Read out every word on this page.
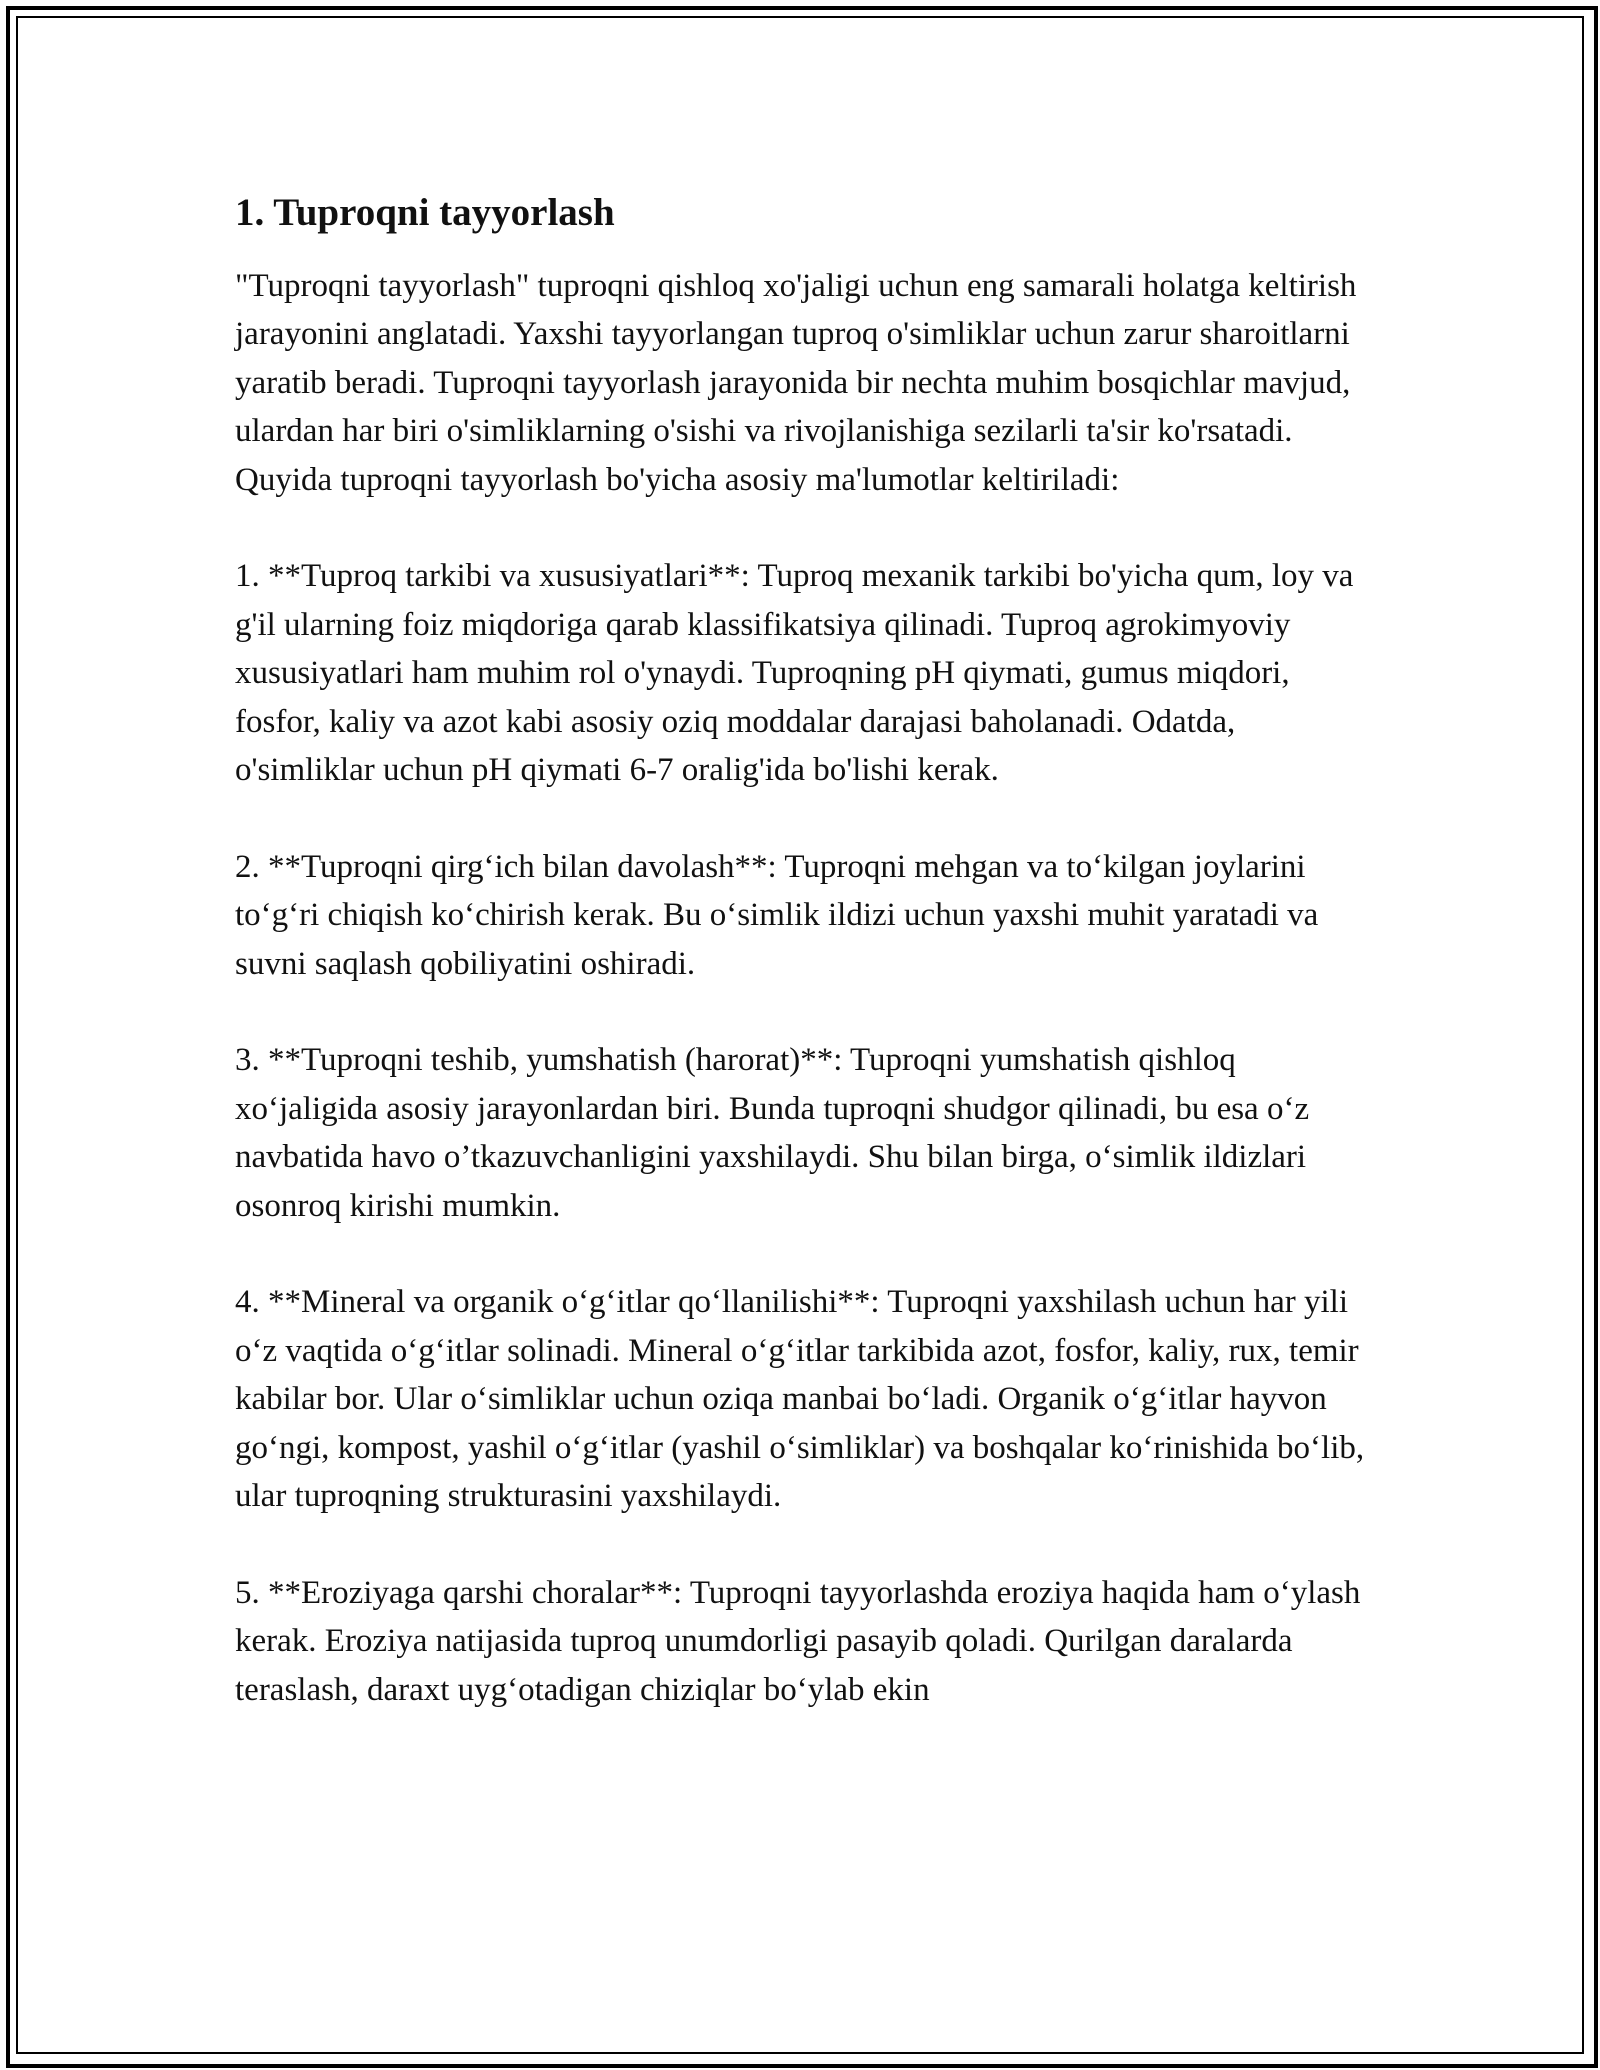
1. Tuproqni tayyorlash

"Tuproqni tayyorlash" tuproqni qishloq xo'jaligi uchun eng samarali holatga keltirish jarayonini anglatadi. Yaxshi tayyorlangan tuproq o'simliklar uchun zarur sharoitlarni yaratib beradi. Tuproqni tayyorlash jarayonida bir nechta muhim bosqichlar mavjud, ulardan har biri o'simliklarning o'sishi va rivojlanishiga sezilarli ta'sir ko'rsatadi. Quyida tuproqni tayyorlash bo'yicha asosiy ma'lumotlar keltiriladi:

1. **Tuproq tarkibi va xususiyatlari**: Tuproq mexanik tarkibi bo'yicha qum, loy va g'il ularning foiz miqdoriga qarab klassifikatsiya qilinadi. Tuproq agrokimyoviy xususiyatlari ham muhim rol o'ynaydi. Tuproqning pH qiymati, gumus miqdori, fosfor, kaliy va azot kabi asosiy oziq moddalar darajasi baholanadi. Odatda, o'simliklar uchun pH qiymati 6-7 oralig'ida bo'lishi kerak.

2. **Tuproqni qirg‘ich bilan davolash**: Tuproqni mehgan va to‘kilgan joylarini to‘g‘ri chiqish ko‘chirish kerak. Bu o‘simlik ildizi uchun yaxshi muhit yaratadi va suvni saqlash qobiliyatini oshiradi.

3. **Tuproqni teshib, yumshatish (harorat)**: Tuproqni yumshatish qishloq xo‘jaligida asosiy jarayonlardan biri. Bunda tuproqni shudgor qilinadi, bu esa o‘z navbatida havo o’tkazuvchanligini yaxshilaydi. Shu bilan birga, o‘simlik ildizlari osonroq kirishi mumkin.

4. **Mineral va organik o‘g‘itlar qo‘llanilishi**: Tuproqni yaxshilash uchun har yili o‘z vaqtida o‘g‘itlar solinadi. Mineral o‘g‘itlar tarkibida azot, fosfor, kaliy, rux, temir kabilar bor. Ular o‘simliklar uchun oziqa manbai bo‘ladi. Organik o‘g‘itlar hayvon go‘ngi, kompost, yashil o‘g‘itlar (yashil o‘simliklar) va boshqalar ko‘rinishida bo‘lib, ular tuproqning strukturasini yaxshilaydi.

5. **Eroziyaga qarshi choralar**: Tuproqni tayyorlashda eroziya haqida ham o‘ylash kerak. Eroziya natijasida tuproq unumdorligi pasayib qoladi. Qurilgan daralarda teraslash, daraxt uyg‘otadigan chiziqlar bo‘ylab ekin
